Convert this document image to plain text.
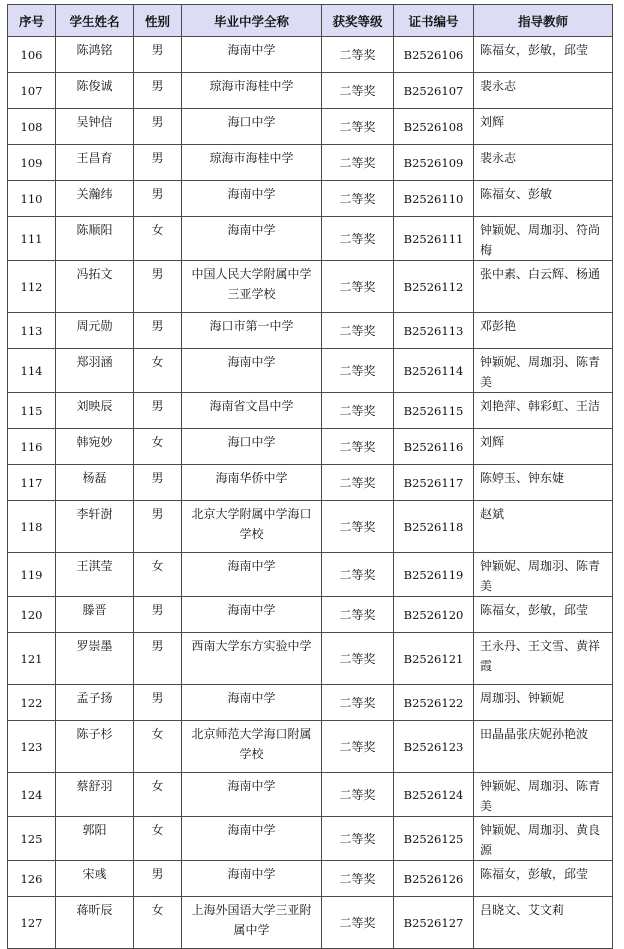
序号	学生姓名	性别	毕业中学全称	获奖等级	证书编号	指导教师
106	陈鸿铭	男	海南中学	二等奖	B2526106	陈福女，彭敏，邱莹
107	陈俊诚	男	琼海市海桂中学	二等奖	B2526107	裴永志
108	吴钟信	男	海口中学	二等奖	B2526108	刘辉
109	王昌育	男	琼海市海桂中学	二等奖	B2526109	裴永志
110	关瀚纬	男	海南中学	二等奖	B2526110	陈福女、彭敏
111	陈顺阳	女	海南中学	二等奖	B2526111	钟颖妮、周珈羽、符尚梅
112	冯拓文	男	中国人民大学附属中学三亚学校	二等奖	B2526112	张中素、白云辉、杨通
113	周元勋	男	海口市第一中学	二等奖	B2526113	邓彭艳
114	郑羽涵	女	海南中学	二等奖	B2526114	钟颖妮、周珈羽、陈青美
115	刘映辰	男	海南省文昌中学	二等奖	B2526115	刘艳萍、韩彩虹、王洁
116	韩宛妙	女	海口中学	二等奖	B2526116	刘辉
117	杨磊	男	海南华侨中学	二等奖	B2526117	陈婷玉、钟东婕
118	李轩澍	男	北京大学附属中学海口学校	二等奖	B2526118	赵斌
119	王淇莹	女	海南中学	二等奖	B2526119	钟颖妮、周珈羽、陈青美
120	滕晋	男	海南中学	二等奖	B2526120	陈福女，彭敏，邱莹
121	罗崇墨	男	西南大学东方实验中学	二等奖	B2526121	王永丹、王文雪、黄祥霞
122	孟子扬	男	海南中学	二等奖	B2526122	周珈羽、钟颖妮
123	陈子杉	女	北京师范大学海口附属学校	二等奖	B2526123	田晶晶张庆妮孙艳波
124	蔡舒羽	女	海南中学	二等奖	B2526124	钟颖妮、周珈羽、陈青美
125	郭阳	女	海南中学	二等奖	B2526125	钟颖妮、周珈羽、黄良源
126	宋彧	男	海南中学	二等奖	B2526126	陈福女，彭敏，邱莹
127	蒋昕辰	女	上海外国语大学三亚附属中学	二等奖	B2526127	吕晓文、艾文莉
